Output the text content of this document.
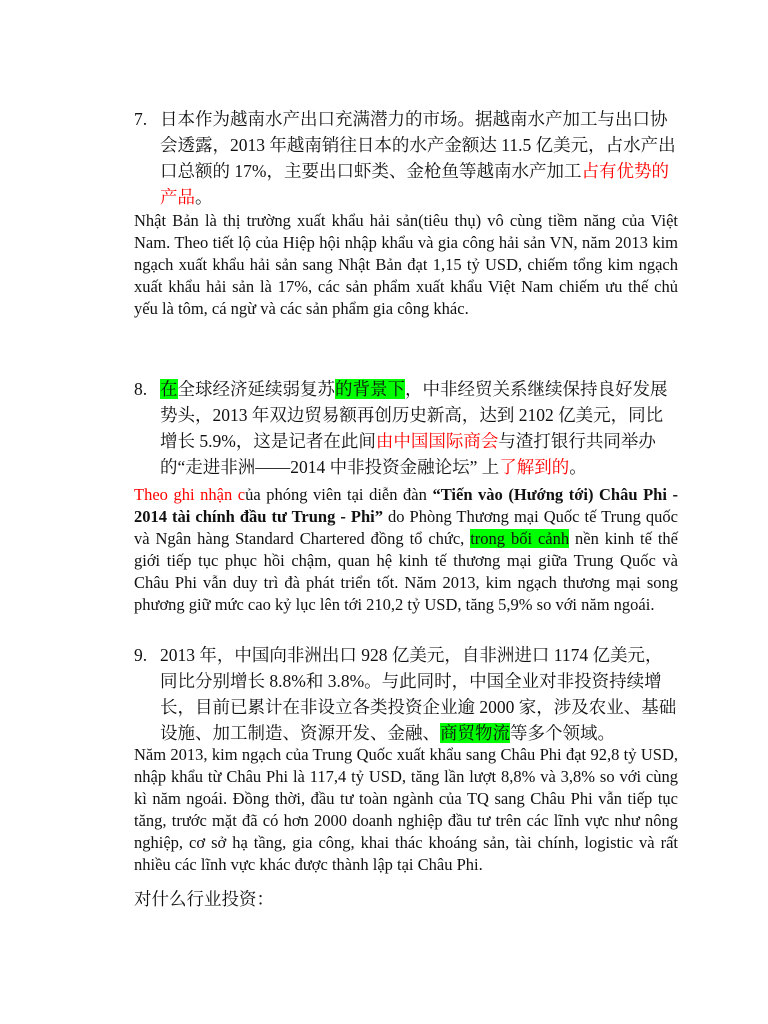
7. 日本作为越南水产出口充满潜力的市场。据越南水产加工与出口协会透露，2013 年越南销往日本的水产金额达 11.5 亿美元，占水产出口总额的 17%，主要出口虾类、金枪鱼等越南水产加工占有优势的产品。

Nhật Bản là thị trường xuất khẩu hải sản(tiêu thụ) vô cùng tiềm năng của Việt Nam. Theo tiết lộ của Hiệp hội nhập khẩu và gia công hải sản VN, năm 2013 kim ngạch xuất khẩu hải sản sang Nhật Bản đạt 1,15 tỷ USD, chiếm tổng kim ngạch xuất khẩu hải sản là 17%, các sản phẩm xuất khẩu Việt Nam chiếm ưu thế chủ yếu là tôm, cá ngừ và các sản phẩm gia công khác.

8. 在全球经济延续弱复苏的背景下，中非经贸关系继续保持良好发展势头，2013 年双边贸易额再创历史新高，达到 2102 亿美元，同比增长 5.9%，这是记者在此间由中国国际商会与渣打银行共同举办的“走进非洲——2014 中非投资金融论坛” 上了解到的。

Theo ghi nhận của phóng viên tại diễn đàn “Tiến vào (Hướng tới) Châu Phi - 2014 tài chính đầu tư Trung - Phi” do Phòng Thương mại Quốc tế Trung quốc và Ngân hàng Standard Chartered đồng tổ chức, trong bối cảnh nền kinh tế thế giới tiếp tục phục hồi chậm, quan hệ kinh tế thương mại giữa Trung Quốc và Châu Phi vẫn duy trì đà phát triển tốt. Năm 2013, kim ngạch thương mại song phương giữ mức cao kỷ lục lên tới 210,2 tỷ USD, tăng 5,9% so với năm ngoái.

9. 2013 年，中国向非洲出口 928 亿美元，自非洲进口 1174 亿美元，同比分别增长 8.8%和 3.8%。与此同时，中国全业对非投资持续增长，目前已累计在非设立各类投资企业逾 2000 家，涉及农业、基础设施、加工制造、资源开发、金融、商贸物流等多个领域。

Năm 2013, kim ngạch của Trung Quốc xuất khẩu sang Châu Phi đạt 92,8 tỷ USD, nhập khẩu từ Châu Phi là 117,4 tỷ USD, tăng lần lượt 8,8% và 3,8% so với cùng kì năm ngoái. Đồng thời, đầu tư toàn ngành của TQ sang Châu Phi vẫn tiếp tục tăng, trước mặt đã có hơn 2000 doanh nghiệp đầu tư trên các lĩnh vực như nông nghiệp, cơ sở hạ tầng, gia công, khai thác khoáng sản, tài chính, logistic và rất nhiều các lĩnh vực khác được thành lập tại Châu Phi.

对什么行业投资：
